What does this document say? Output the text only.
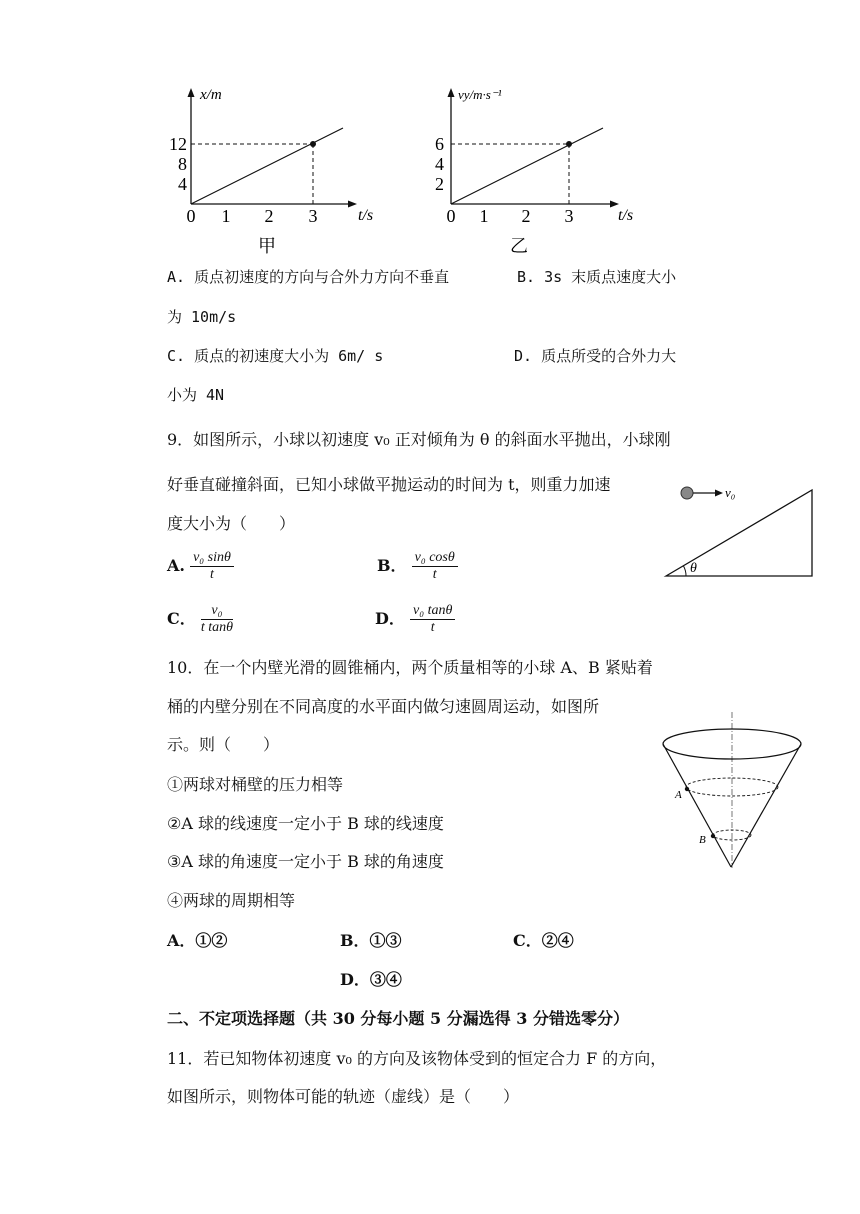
x/m
t/s
12
8
4
0 1 2 3
甲
vy/m·s⁻¹
t/s
6
4
2
0 1 2 3
乙
A. 质点初速度的方向与合外力方向不垂直	B. 3s 末质点速度大小
为 10m/s
C. 质点的初速度大小为 6m/ s	D. 质点所受的合外力大
小为 4N
9．如图所示，小球以初速度 v₀ 正对倾角为 θ 的斜面水平抛出，小球刚
好垂直碰撞斜面，已知小球做平抛运动的时间为 t，则重力加速
度大小为（　　）
v₀
θ
A. $\frac{\text{v₀ sinθ}}{t}$	B． $\frac{\text{v₀ cosθ}}{t}$
C． $\frac{\text{v₀}}{\text{t tanθ}}$	D． $\frac{\text{v₀ tanθ}}{t}$
10．在一个内壁光滑的圆锥桶内，两个质量相等的小球 A、B 紧贴着
桶的内壁分别在不同高度的水平面内做匀速圆周运动，如图所
示。则（　　）
①两球对桶壁的压力相等
②A 球的线速度一定小于 B 球的线速度
③A 球的角速度一定小于 B 球的角速度
④两球的周期相等
A．①②	B．①③	C．②④
D．③④
A
B
二、不定项选择题（共 30 分每小题 5 分漏选得 3 分错选零分）
11．若已知物体初速度 v₀ 的方向及该物体受到的恒定合力 F 的方向，
如图所示，则物体可能的轨迹（虚线）是（　　）
